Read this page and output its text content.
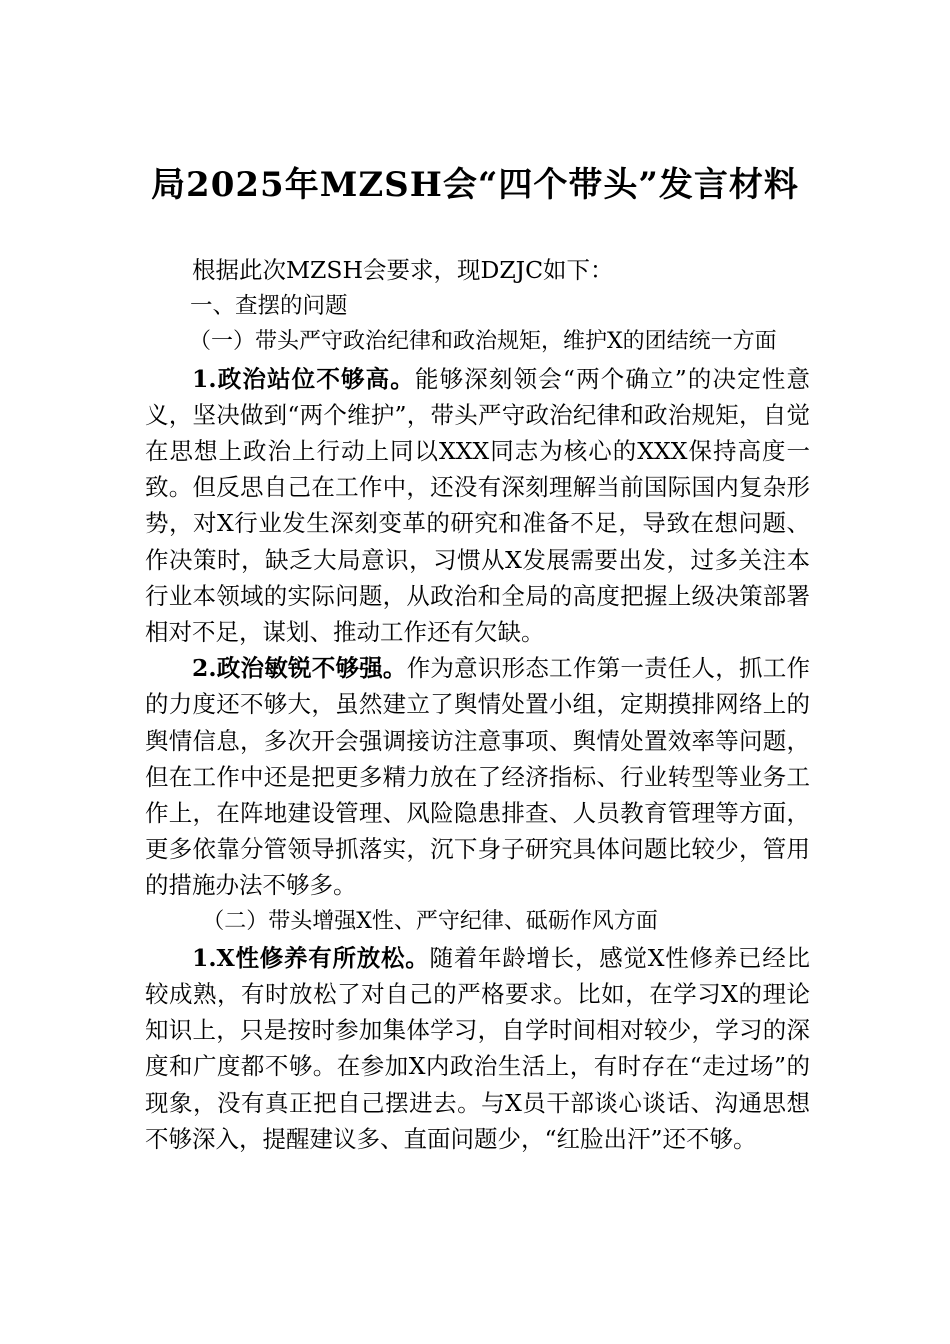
局2025年MZSH会“四个带头”发言材料

根据此次MZSH会要求，现DZJC如下：

一、查摆的问题

（一）带头严守政治纪律和政治规矩，维护X的团结统一方面

1.政治站位不够高。能够深刻领会“两个确立”的决定性意义，坚决做到“两个维护”，带头严守政治纪律和政治规矩，自觉在思想上政治上行动上同以XXX同志为核心的XXX保持高度一致。但反思自己在工作中，还没有深刻理解当前国际国内复杂形势，对X行业发生深刻变革的研究和准备不足，导致在想问题、作决策时，缺乏大局意识，习惯从X发展需要出发，过多关注本行业本领域的实际问题，从政治和全局的高度把握上级决策部署相对不足，谋划、推动工作还有欠缺。

2.政治敏锐不够强。作为意识形态工作第一责任人，抓工作的力度还不够大，虽然建立了舆情处置小组，定期摸排网络上的舆情信息，多次开会强调接访注意事项、舆情处置效率等问题，但在工作中还是把更多精力放在了经济指标、行业转型等业务工作上，在阵地建设管理、风险隐患排查、人员教育管理等方面，更多依靠分管领导抓落实，沉下身子研究具体问题比较少，管用的措施办法不够多。

（二）带头增强X性、严守纪律、砥砺作风方面

1.X性修养有所放松。随着年龄增长，感觉X性修养已经比较成熟，有时放松了对自己的严格要求。比如，在学习X的理论知识上，只是按时参加集体学习，自学时间相对较少，学习的深度和广度都不够。在参加X内政治生活上，有时存在“走过场”的现象，没有真正把自己摆进去。与X员干部谈心谈话、沟通思想不够深入，提醒建议多、直面问题少，“红脸出汗”还不够。
